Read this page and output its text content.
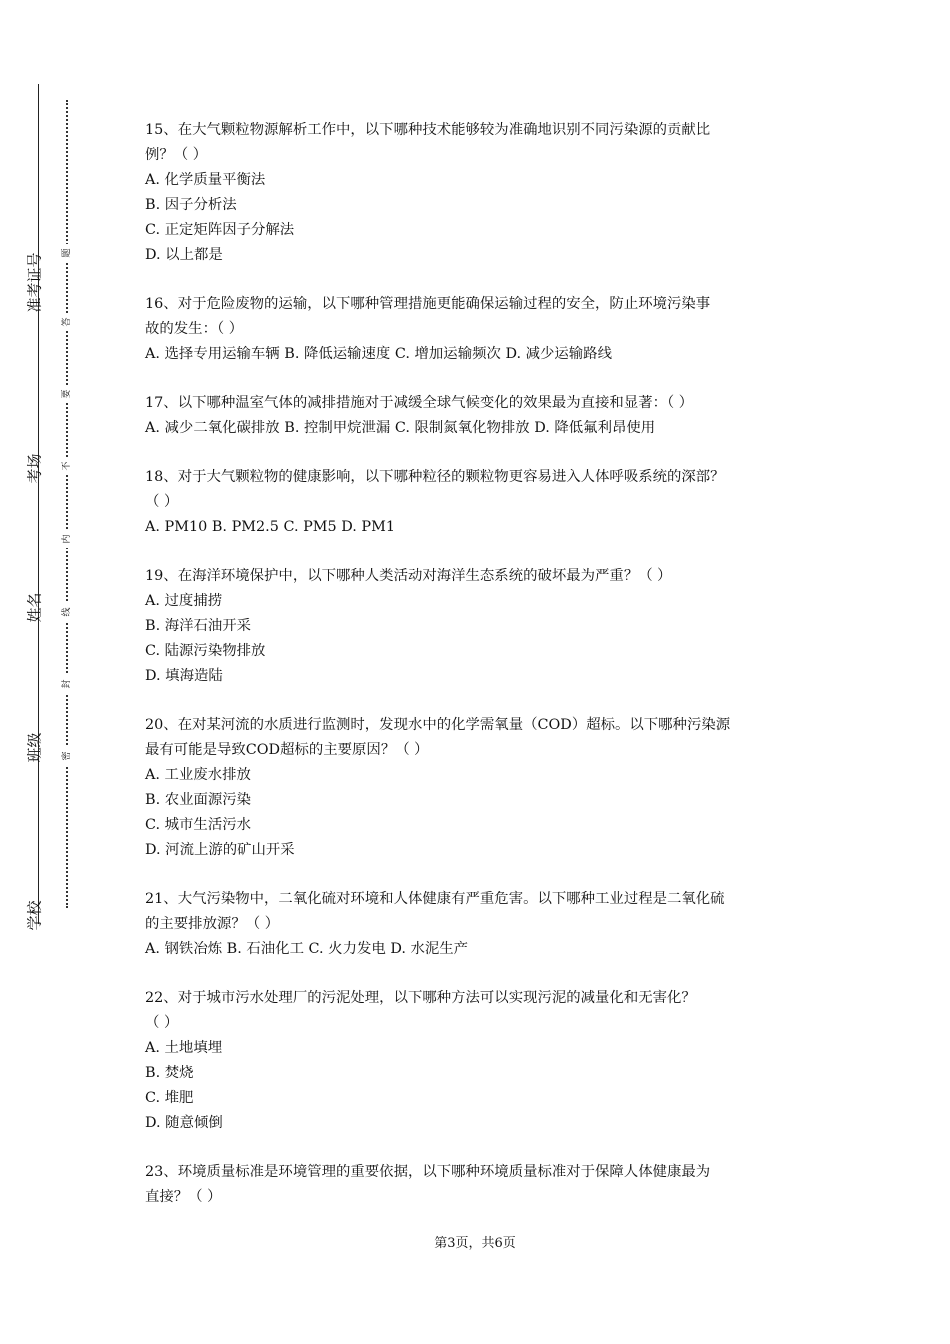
准考证号
考场
姓名
班级
学校
题
答
要
不
内
线
封
密

15、在大气颗粒物源解析工作中，以下哪种技术能够较为准确地识别不同污染源的贡献比

例？（ ）

A. 化学质量平衡法

B. 因子分析法

C. 正定矩阵因子分解法

D. 以上都是

16、对于危险废物的运输，以下哪种管理措施更能确保运输过程的安全，防止环境污染事

故的发生：（ ）

A. 选择专用运输车辆 B. 降低运输速度 C. 增加运输频次 D. 减少运输路线

17、以下哪种温室气体的减排措施对于减缓全球气候变化的效果最为直接和显著：（ ）

A. 减少二氧化碳排放 B. 控制甲烷泄漏 C. 限制氮氧化物排放 D. 降低氟利昂使用

18、对于大气颗粒物的健康影响，以下哪种粒径的颗粒物更容易进入人体呼吸系统的深部？

（ ）

A. PM10 B. PM2.5 C. PM5 D. PM1

19、在海洋环境保护中，以下哪种人类活动对海洋生态系统的破坏最为严重？（ ）

A. 过度捕捞

B. 海洋石油开采

C. 陆源污染物排放

D. 填海造陆

20、在对某河流的水质进行监测时，发现水中的化学需氧量（COD）超标。以下哪种污染源

最有可能是导致COD超标的主要原因？（ ）

A. 工业废水排放

B. 农业面源污染

C. 城市生活污水

D. 河流上游的矿山开采

21、大气污染物中，二氧化硫对环境和人体健康有严重危害。以下哪种工业过程是二氧化硫

的主要排放源？（ ）

A. 钢铁冶炼 B. 石油化工 C. 火力发电 D. 水泥生产

22、对于城市污水处理厂的污泥处理，以下哪种方法可以实现污泥的减量化和无害化？

（ ）

A. 土地填埋

B. 焚烧

C. 堆肥

D. 随意倾倒

23、环境质量标准是环境管理的重要依据，以下哪种环境质量标准对于保障人体健康最为

直接？（ ）

第3页，共6页
